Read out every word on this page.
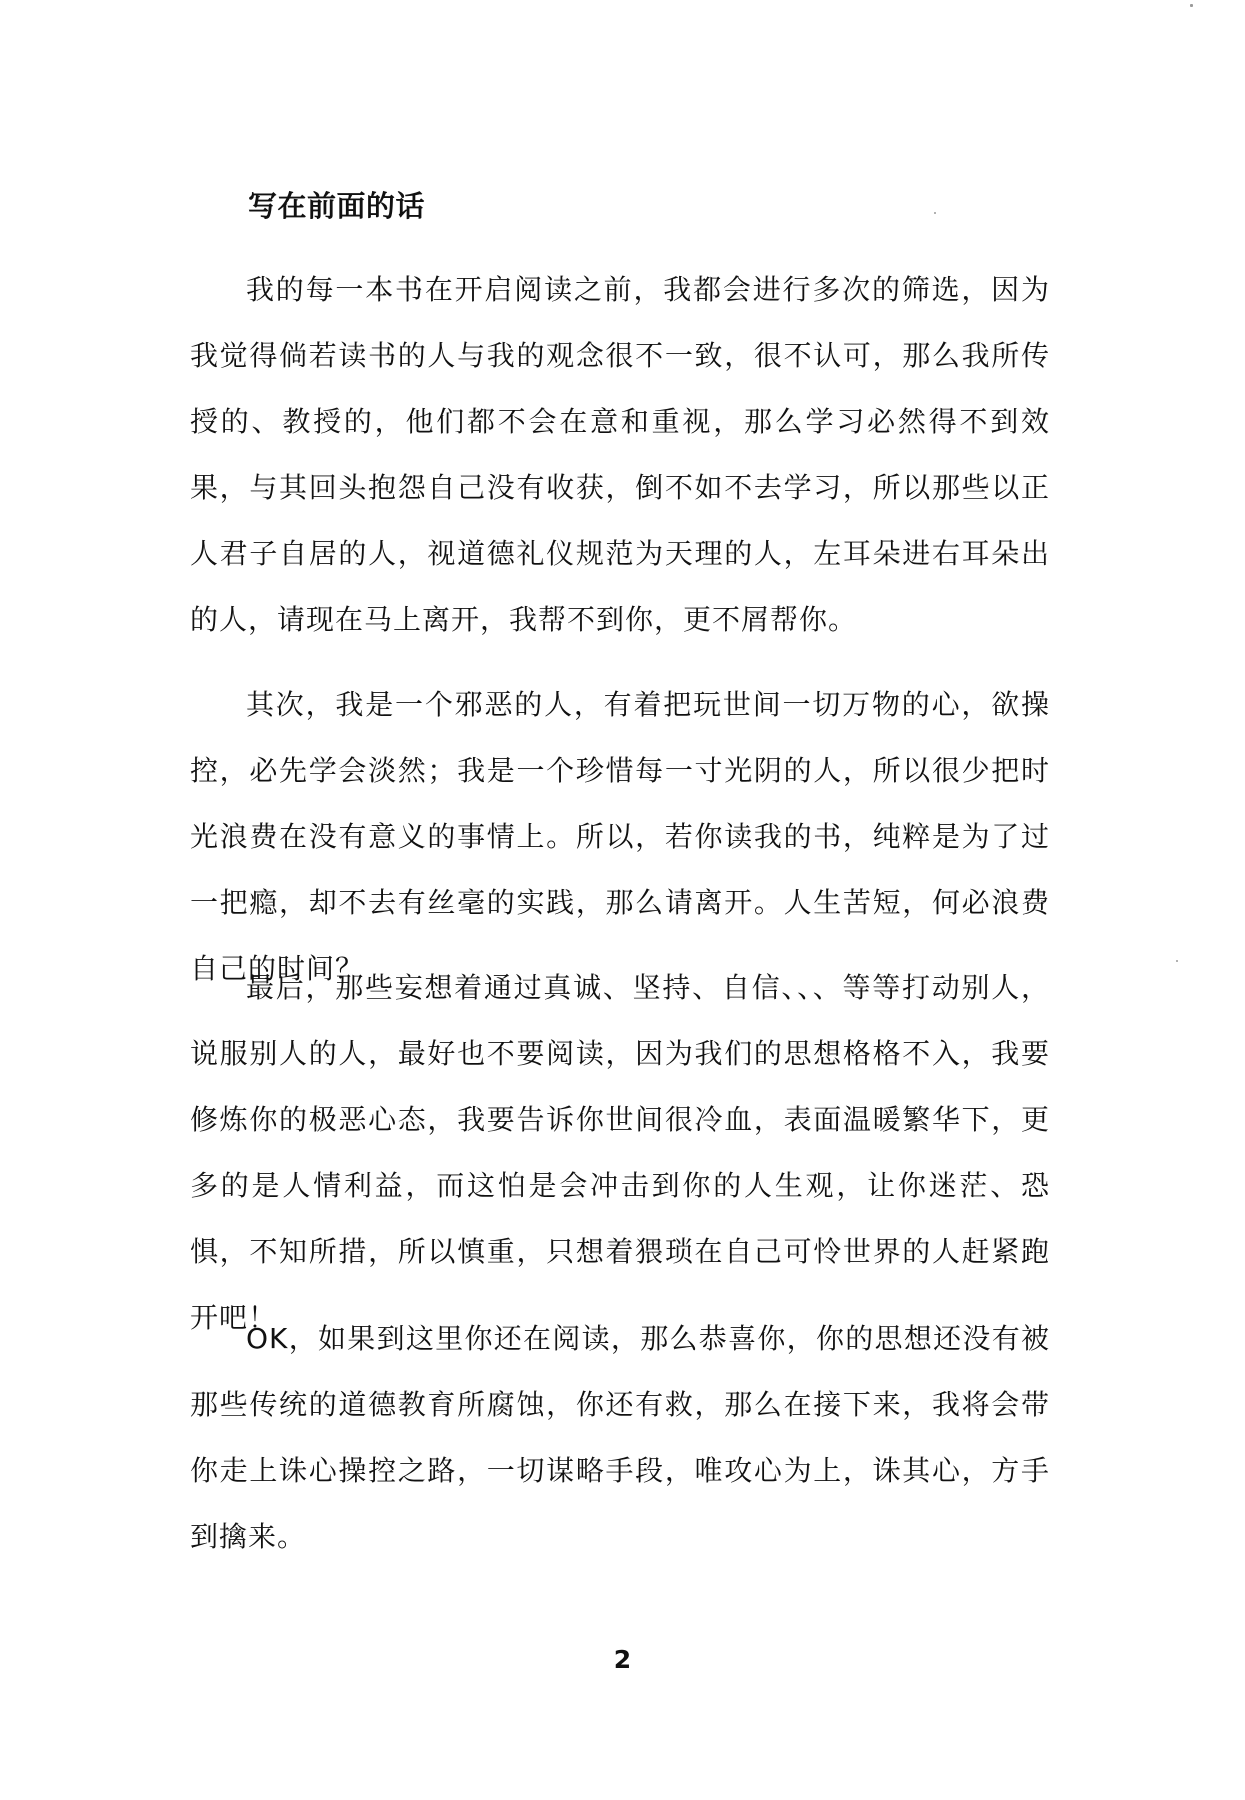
写在前面的话

我的每一本书在开启阅读之前，我都会进行多次的筛选，因为我觉得倘若读书的人与我的观念很不一致，很不认可，那么我所传授的、教授的，他们都不会在意和重视，那么学习必然得不到效果，与其回头抱怨自己没有收获，倒不如不去学习，所以那些以正人君子自居的人，视道德礼仪规范为天理的人，左耳朵进右耳朵出的人，请现在马上离开，我帮不到你，更不屑帮你。

其次，我是一个邪恶的人，有着把玩世间一切万物的心，欲操控，必先学会淡然；我是一个珍惜每一寸光阴的人，所以很少把时光浪费在没有意义的事情上。所以，若你读我的书，纯粹是为了过一把瘾，却不去有丝毫的实践，那么请离开。人生苦短，何必浪费自己的时间？

最后，那些妄想着通过真诚、坚持、自信、、、等等打动别人，说服别人的人，最好也不要阅读，因为我们的思想格格不入，我要修炼你的极恶心态，我要告诉你世间很冷血，表面温暖繁华下，更多的是人情利益，而这怕是会冲击到你的人生观，让你迷茫、恐惧，不知所措，所以慎重，只想着猥琐在自己可怜世界的人赶紧跑开吧！

OK，如果到这里你还在阅读，那么恭喜你，你的思想还没有被那些传统的道德教育所腐蚀，你还有救，那么在接下来，我将会带你走上诛心操控之路，一切谋略手段，唯攻心为上，诛其心，方手到擒来。

2
